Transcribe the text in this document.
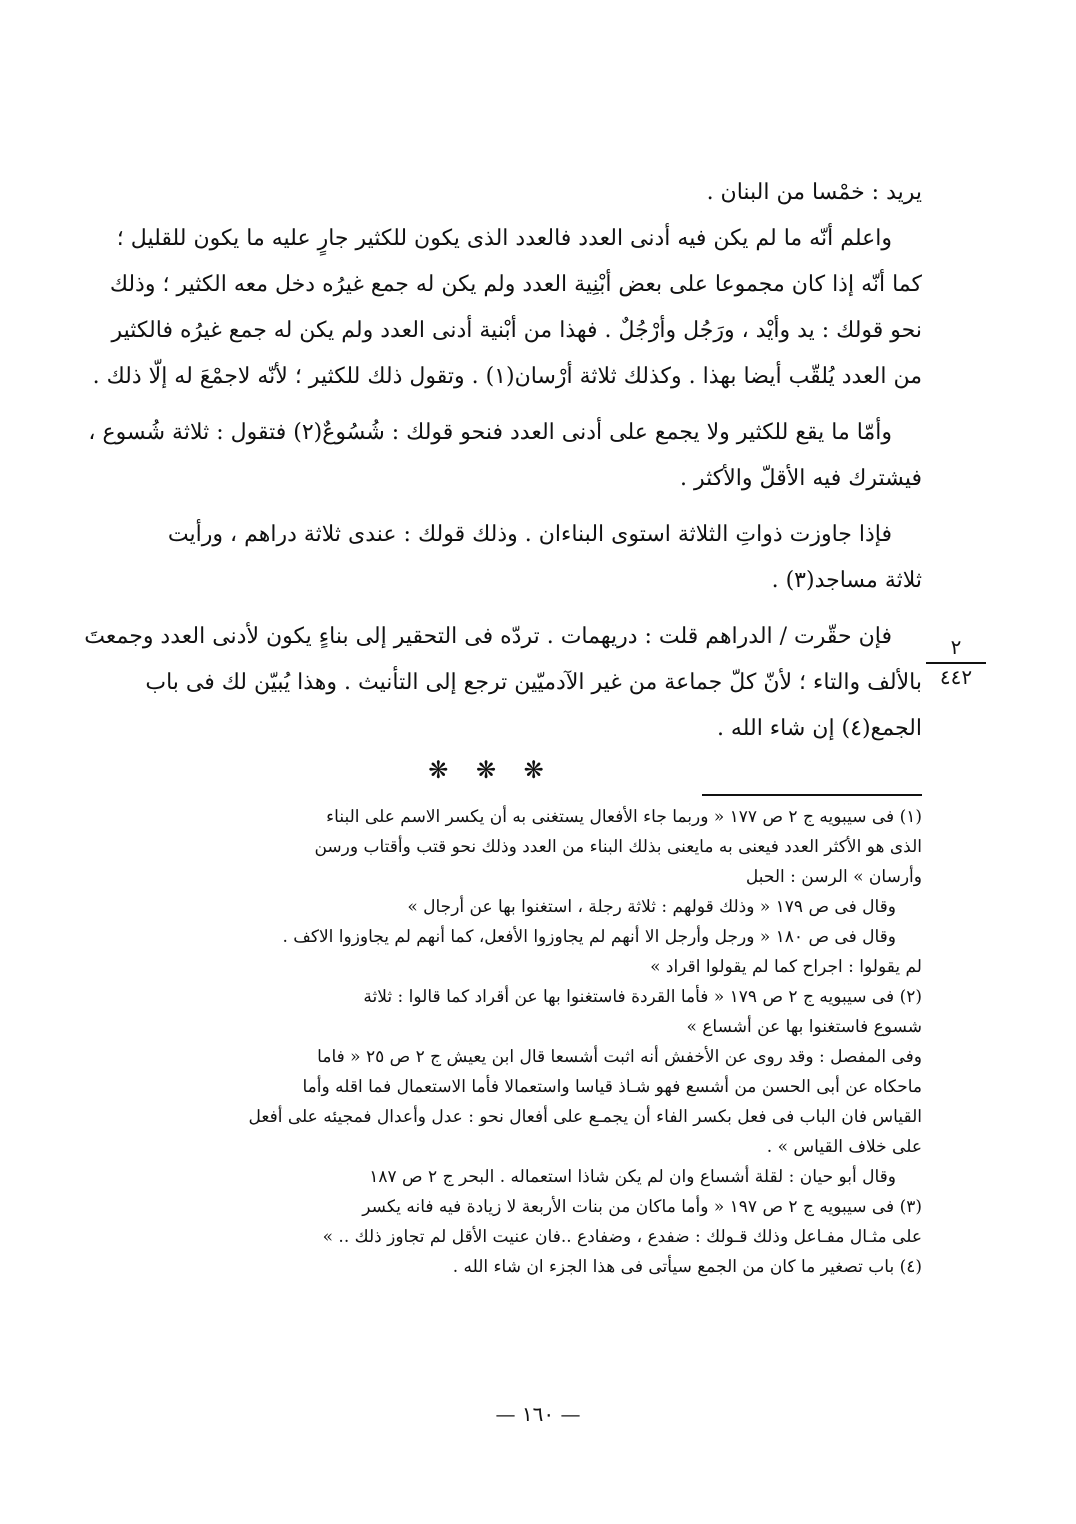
٢
٤٤٢
يريد : خمْسا من البنان .
واعلم أنّه ما لم يكن فيه أدنى العدد فالعدد الذى يكون للكثير جارٍ عليه ما يكون للقليل ؛
كما أنّه إذا كان مجموعا على بعض أبْنِية العدد ولم يكن له جمع غيرُه دخل معه الكثير ؛ وذلك
نحو قولك : يد وأيْد ، ورَجُل وأرْجُلٌ . فهذا من أبْنية أدنى العدد ولم يكن له جمع غيرُه فالكثير
من العدد يُلقّب أيضا بهذا . وكذلك ثلاثة أرْسان(١) . وتقول ذلك للكثير ؛ لأنّه لاجمْعَ له إلّا ذلك .
وأمّا ما يقع للكثير ولا يجمع على أدنى العدد فنحو قولك : شُسُوعٌ(٢) فتقول : ثلاثة شُسوع ،
فيشترك فيه الأقلّ والأكثر .
فإذا جاوزت ذواتِ الثلاثة استوى البناءان . وذلك قولك : عندى ثلاثة دراهم ، ورأيت
ثلاثة مساجد(٣) .
فإن حقّرت / الدراهم قلت : دريهمات . تردّه فى التحقير إلى بناءٍ يكون لأدنى العدد وجمعتَ
بالألف والتاء ؛ لأنّ كلّ جماعة من غير الآدميّين ترجع إلى التأنيث . وهذا يُبيّن لك فى باب
الجمع(٤) إن شاء الله .
❋ ❋ ❋
(١) فى سيبويه ج ٢ ص ١٧٧ « وربما جاء الأفعال يستغنى به أن يكسر الاسم على البناء
الذى هو الأكثر العدد فيعنى به مايعنى بذلك البناء من العدد وذلك نحو قتب وأقتاب ورسن
وأرسان » الرسن : الحبل
وقال فى ص ١٧٩ « وذلك قولهم : ثلاثة رجلة ، استغنوا بها عن أرجال »
وقال فى ص ١٨٠ « ورجل وأرجل الا أنهم لم يجاوزوا الأفعل، كما أنهم لم يجاوزوا الاكف .
لم يقولوا : اجراح كما لم يقولوا اقراد »
(٢) فى سيبويه ج ٢ ص ١٧٩ « فأما القردة فاستغنوا بها عن أقراد كما قالوا : ثلاثة
شسوع فاستغنوا بها عن أشساع »
وفى المفصل : وقد روى عن الأخفش أنه اثبت أشسعا قال ابن يعيش ج ٢ ص ٢٥ « فاما
ماحكاه عن أبى الحسن من أشسع فهو شـاذ قياسا واستعمالا فأما الاستعمال فما اقله وأما
القياس فان الباب فى فعل بكسر الفاء أن يجمـع على أفعال نحو : عدل وأعدال فمجيئه على أفعل
على خلاف القياس » .
وقال أبو حيان : لقلة أشساع وان لم يكن شاذا استعماله . البحر ج ٢ ص ١٨٧
(٣) فى سيبويه ج ٢ ص ١٩٧ « وأما ماكان من بنات الأربعة لا زيادة فيه فانه يكسر
على مثـال مفـاعل وذلك قـولك : ضفدع ، وضفادع ..فان عنيت الأقل لم تجاوز ذلك .. »
(٤) باب تصغير ما كان من الجمع سيأتى فى هذا الجزء ان شاء الله .
— ١٦٠ —
